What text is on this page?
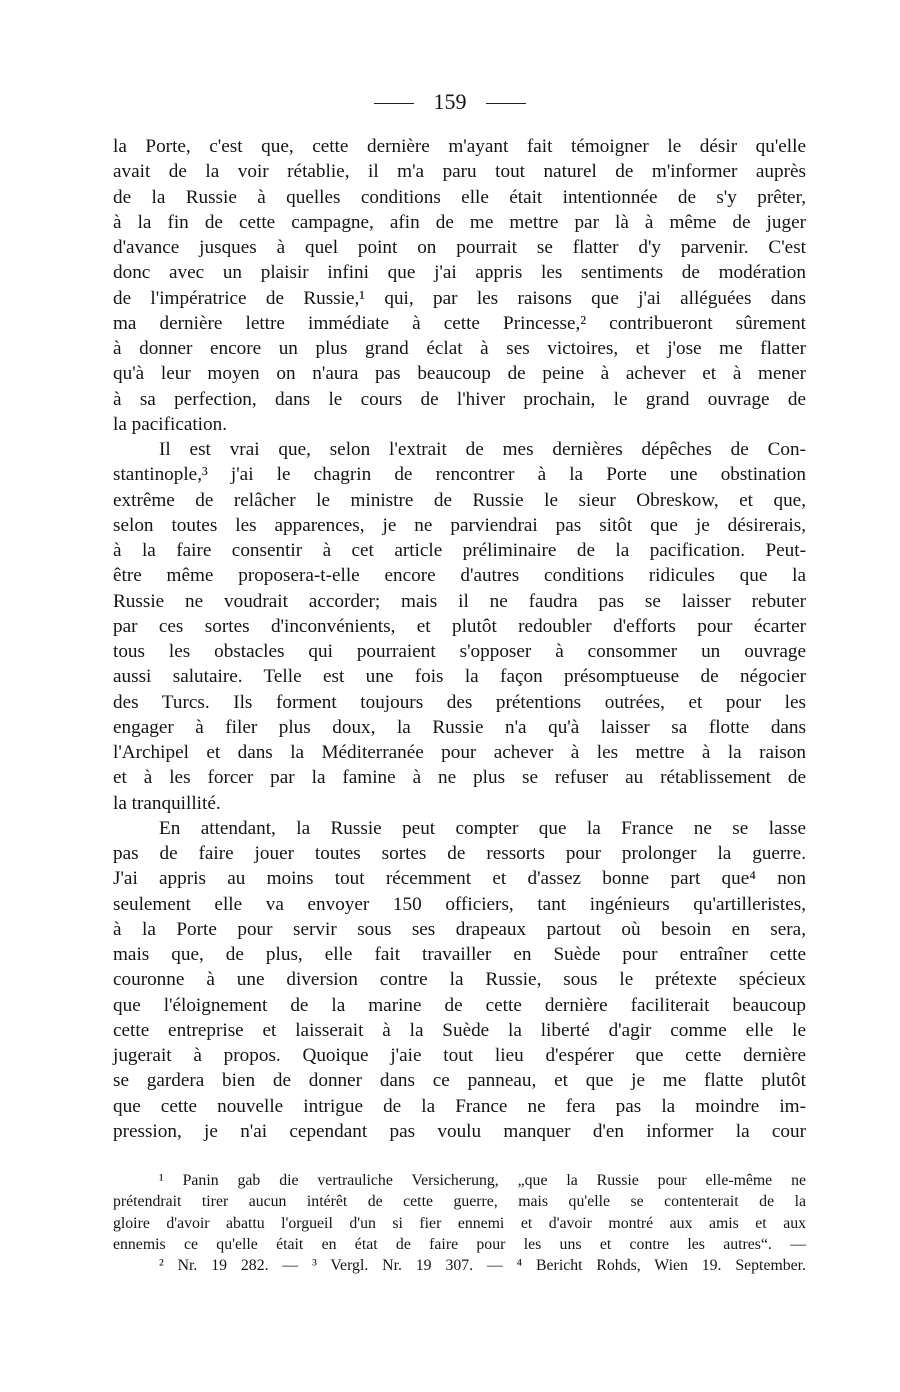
159
la Porte, c'est que, cette dernière m'ayant fait témoigner le désir qu'elle
avait de la voir rétablie, il m'a paru tout naturel de m'informer auprès
de la Russie à quelles conditions elle était intentionnée de s'y prêter,
à la fin de cette campagne, afin de me mettre par là à même de juger
d'avance jusques à quel point on pourrait se flatter d'y parvenir. C'est
donc avec un plaisir infini que j'ai appris les sentiments de modération
de l'impératrice de Russie,¹ qui, par les raisons que j'ai alléguées dans
ma dernière lettre immédiate à cette Princesse,² contribueront sûrement
à donner encore un plus grand éclat à ses victoires, et j'ose me flatter
qu'à leur moyen on n'aura pas beaucoup de peine à achever et à mener
à sa perfection, dans le cours de l'hiver prochain, le grand ouvrage de
la pacification.
Il est vrai que, selon l'extrait de mes dernières dépêches de Con-
stantinople,³ j'ai le chagrin de rencontrer à la Porte une obstination
extrême de relâcher le ministre de Russie le sieur Obreskow, et que,
selon toutes les apparences, je ne parviendrai pas sitôt que je désirerais,
à la faire consentir à cet article préliminaire de la pacification. Peut-
être même proposera-t-elle encore d'autres conditions ridicules que la
Russie ne voudrait accorder; mais il ne faudra pas se laisser rebuter
par ces sortes d'inconvénients, et plutôt redoubler d'efforts pour écarter
tous les obstacles qui pourraient s'opposer à consommer un ouvrage
aussi salutaire. Telle est une fois la façon présomptueuse de négocier
des Turcs. Ils forment toujours des prétentions outrées, et pour les
engager à filer plus doux, la Russie n'a qu'à laisser sa flotte dans
l'Archipel et dans la Méditerranée pour achever à les mettre à la raison
et à les forcer par la famine à ne plus se refuser au rétablissement de
la tranquillité.
En attendant, la Russie peut compter que la France ne se lasse
pas de faire jouer toutes sortes de ressorts pour prolonger la guerre.
J'ai appris au moins tout récemment et d'assez bonne part que⁴ non
seulement elle va envoyer 150 officiers, tant ingénieurs qu'artilleristes,
à la Porte pour servir sous ses drapeaux partout où besoin en sera,
mais que, de plus, elle fait travailler en Suède pour entraîner cette
couronne à une diversion contre la Russie, sous le prétexte spécieux
que l'éloignement de la marine de cette dernière faciliterait beaucoup
cette entreprise et laisserait à la Suède la liberté d'agir comme elle le
jugerait à propos. Quoique j'aie tout lieu d'espérer que cette dernière
se gardera bien de donner dans ce panneau, et que je me flatte plutôt
que cette nouvelle intrigue de la France ne fera pas la moindre im-
pression, je n'ai cependant pas voulu manquer d'en informer la cour
¹ Panin gab die vertrauliche Versicherung, „que la Russie pour elle-même ne
prétendrait tirer aucun intérêt de cette guerre, mais qu'elle se contenterait de la
gloire d'avoir abattu l'orgueil d'un si fier ennemi et d'avoir montré aux amis et aux
ennemis ce qu'elle était en état de faire pour les uns et contre les autres“. —
² Nr. 19 282. — ³ Vergl. Nr. 19 307. — ⁴ Bericht Rohds, Wien 19. September.
